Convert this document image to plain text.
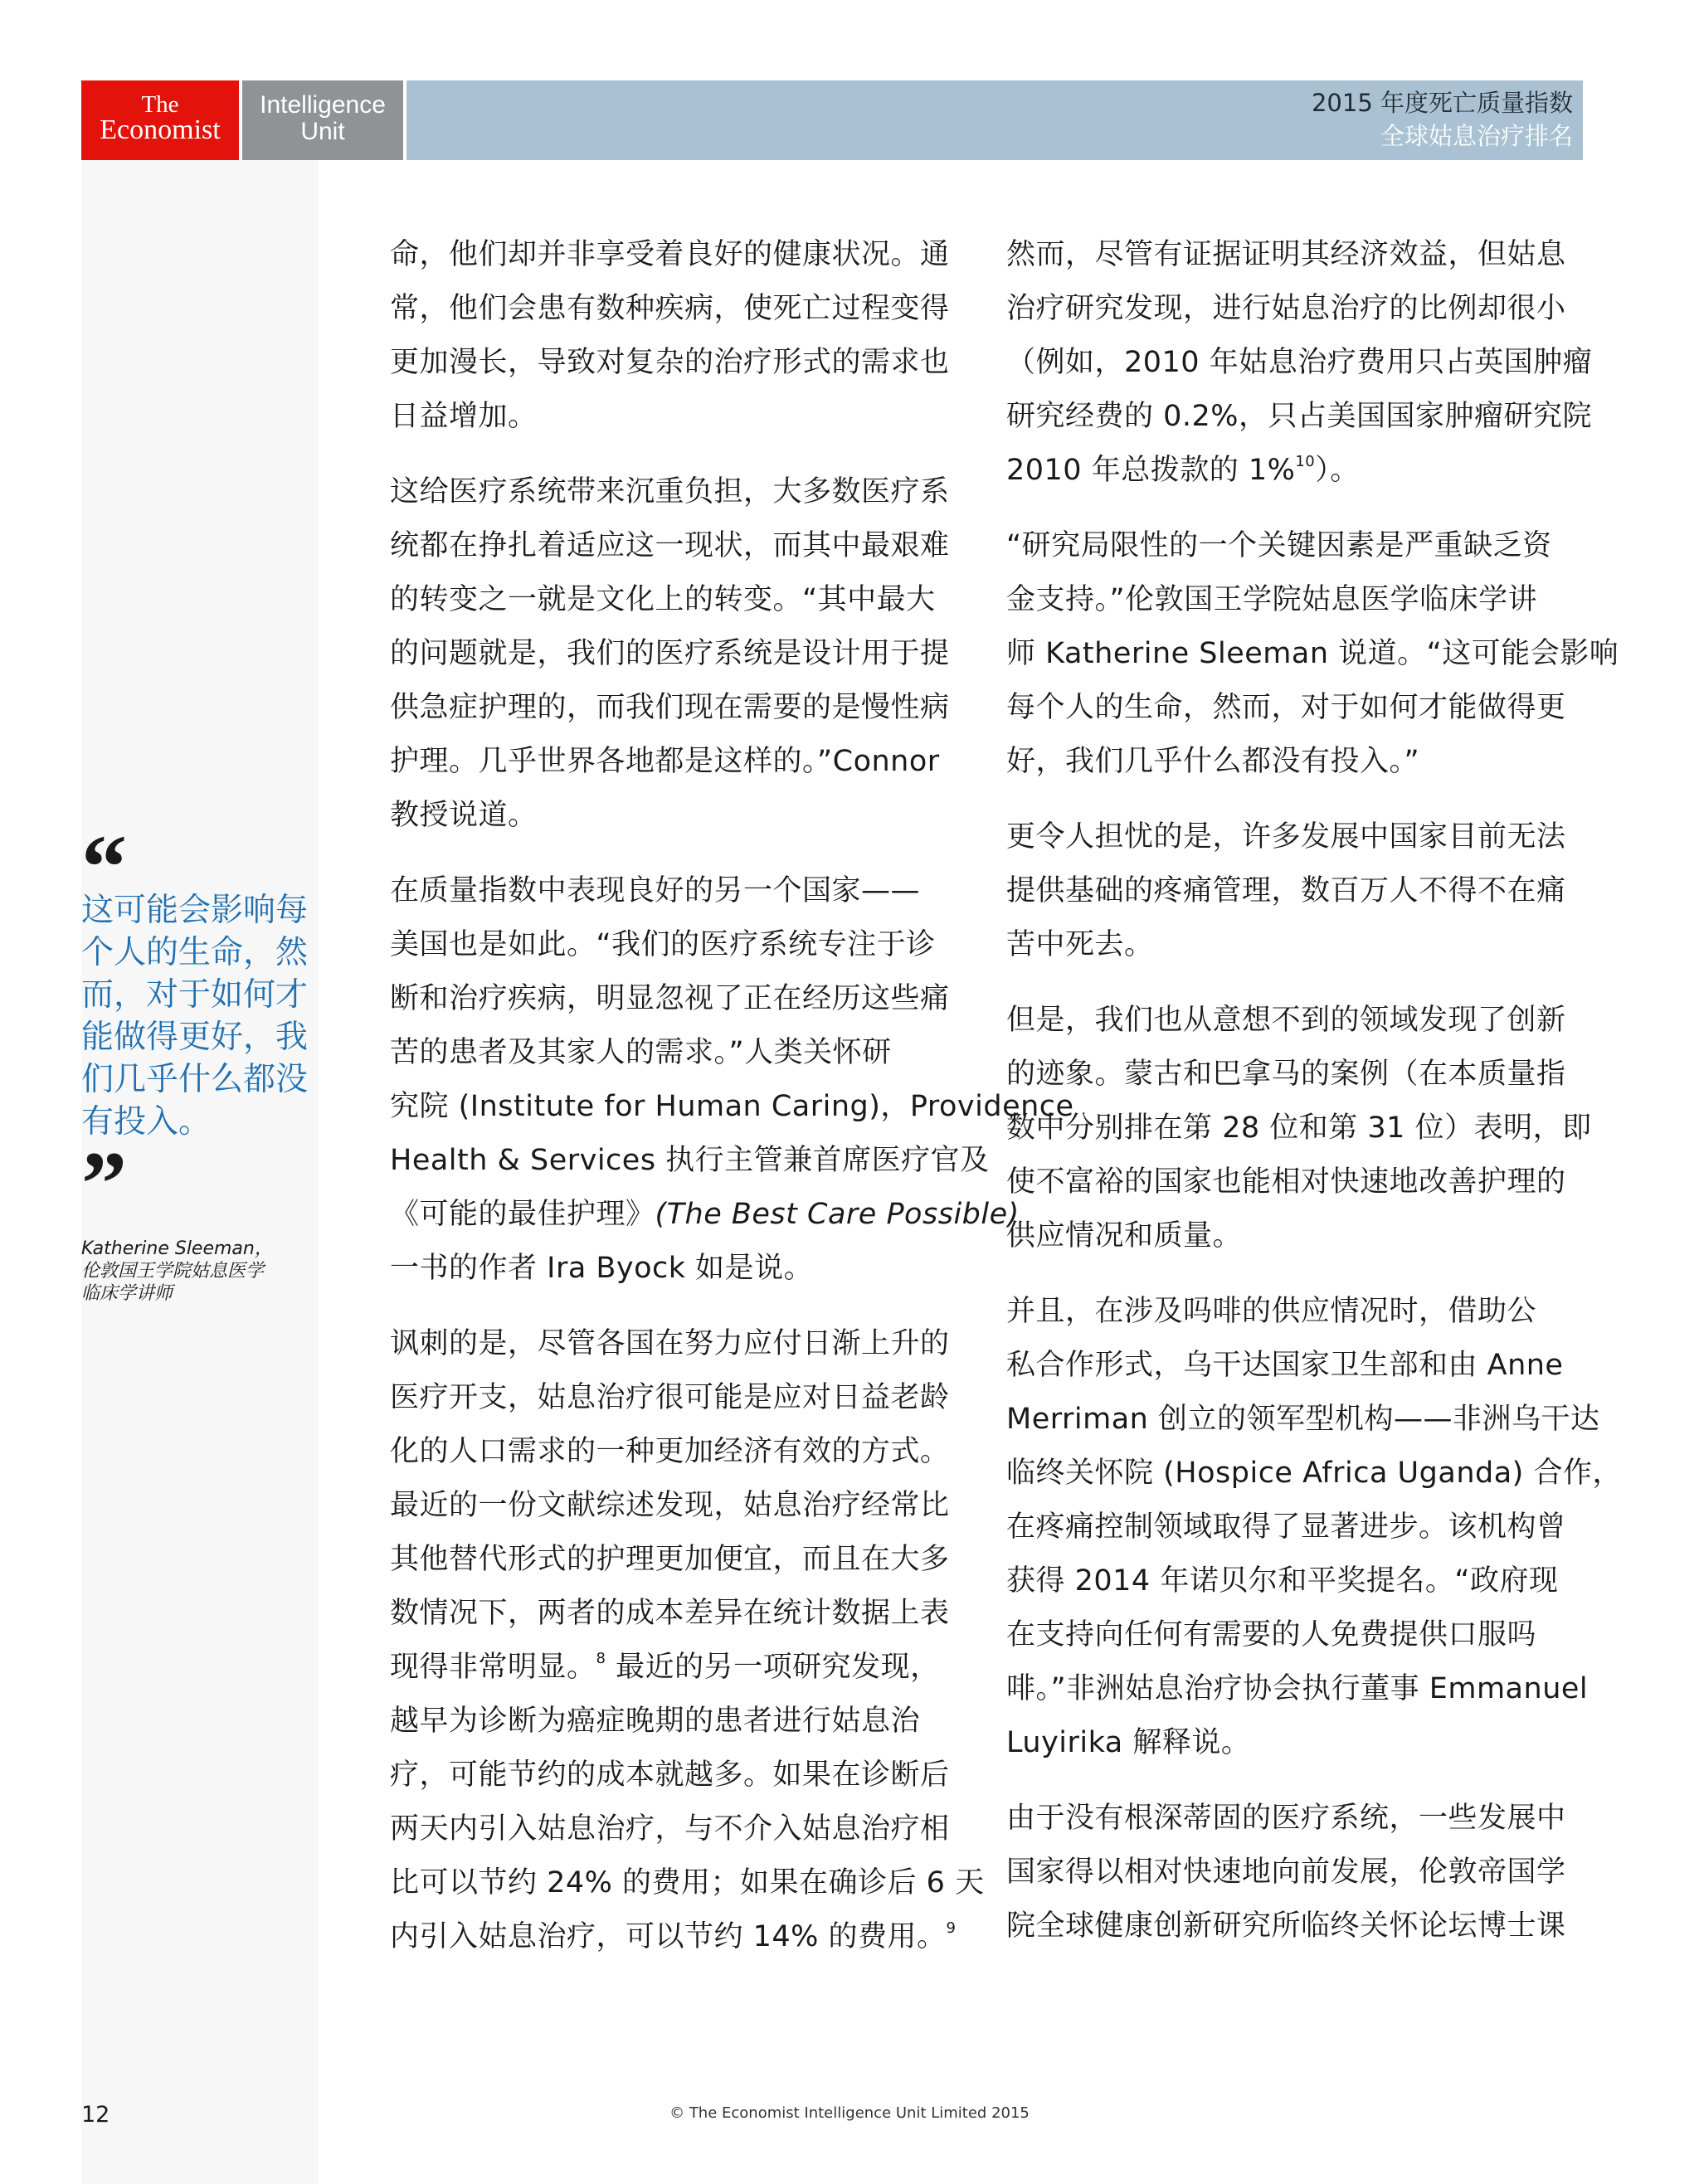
The
Economist
Intelligence
Unit
2015 年度死亡质量指数
全球姑息治疗排名
“
这可能会影响每
个人的生命，然
而，对于如何才
能做得更好，我
们几乎什么都没
有投入。
”
Katherine Sleeman，
伦敦国王学院姑息医学
临床学讲师

命，他们却并非享受着良好的健康状况。通
常，他们会患有数种疾病，使死亡过程变得
更加漫长，导致对复杂的治疗形式的需求也
日益增加。

这给医疗系统带来沉重负担，大多数医疗系
统都在挣扎着适应这一现状，而其中最艰难
的转变之一就是文化上的转变。“其中最大
的问题就是，我们的医疗系统是设计用于提
供急症护理的，而我们现在需要的是慢性病
护理。几乎世界各地都是这样的。”Connor
教授说道。

在质量指数中表现良好的另一个国家——
美国也是如此。“我们的医疗系统专注于诊
断和治疗疾病，明显忽视了正在经历这些痛
苦的患者及其家人的需求。”人类关怀研
究院 (Institute for Human Caring)，Providence
Health & Services 执行主管兼首席医疗官及
《可能的最佳护理》(The Best Care Possible)
一书的作者 Ira Byock 如是说。

讽刺的是，尽管各国在努力应付日渐上升的
医疗开支，姑息治疗很可能是应对日益老龄
化的人口需求的一种更加经济有效的方式。
最近的一份文献综述发现，姑息治疗经常比
其他替代形式的护理更加便宜，而且在大多
数情况下，两者的成本差异在统计数据上表
现得非常明显。$^8$ 最近的另一项研究发现，
越早为诊断为癌症晚期的患者进行姑息治
疗，可能节约的成本就越多。如果在诊断后
两天内引入姑息治疗，与不介入姑息治疗相
比可以节约 24% 的费用；如果在确诊后 6 天
内引入姑息治疗，可以节约 14% 的费用。$^9$

然而，尽管有证据证明其经济效益，但姑息
治疗研究发现，进行姑息治疗的比例却很小
（例如，2010 年姑息治疗费用只占英国肿瘤
研究经费的 0.2%，只占美国国家肿瘤研究院
2010 年总拨款的 1%$^{10}$）。

“研究局限性的一个关键因素是严重缺乏资
金支持。”伦敦国王学院姑息医学临床学讲
师 Katherine Sleeman 说道。“这可能会影响
每个人的生命，然而，对于如何才能做得更
好，我们几乎什么都没有投入。”

更令人担忧的是，许多发展中国家目前无法
提供基础的疼痛管理，数百万人不得不在痛
苦中死去。

但是，我们也从意想不到的领域发现了创新
的迹象。蒙古和巴拿马的案例（在本质量指
数中分别排在第 28 位和第 31 位）表明，即
使不富裕的国家也能相对快速地改善护理的
供应情况和质量。

并且，在涉及吗啡的供应情况时，借助公
私合作形式，乌干达国家卫生部和由 Anne
Merriman 创立的领军型机构——非洲乌干达
临终关怀院 (Hospice Africa Uganda) 合作，
在疼痛控制领域取得了显著进步。该机构曾
获得 2014 年诺贝尔和平奖提名。“政府现
在支持向任何有需要的人免费提供口服吗
啡。”非洲姑息治疗协会执行董事 Emmanuel
Luyirika 解释说。

由于没有根深蒂固的医疗系统，一些发展中
国家得以相对快速地向前发展，伦敦帝国学
院全球健康创新研究所临终关怀论坛博士课

12	© The Economist Intelligence Unit Limited 2015
